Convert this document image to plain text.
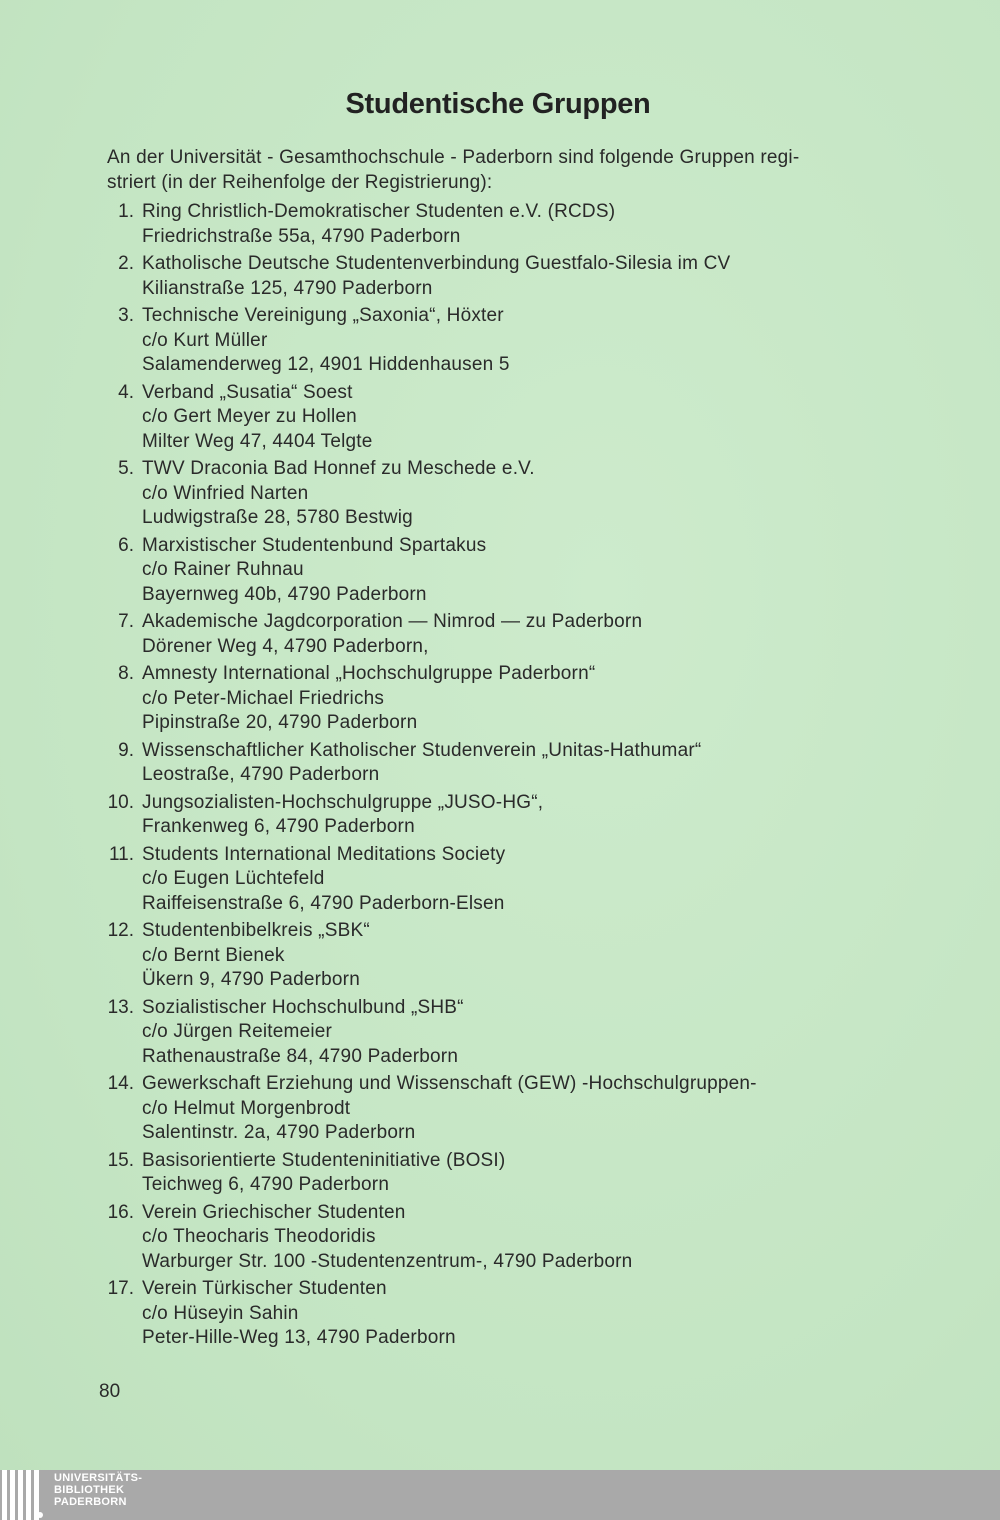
Studentische Gruppen
An der Universität - Gesamthochschule - Paderborn sind folgende Gruppen regi-
striert (in der Reihenfolge der Registrierung):
1. Ring Christlich-Demokratischer Studenten e.V. (RCDS)
Friedrichstraße 55a, 4790 Paderborn
2. Katholische Deutsche Studentenverbindung Guestfalo-Silesia im CV
Kilianstraße 125, 4790 Paderborn
3. Technische Vereinigung „Saxonia“, Höxter
c/o Kurt Müller
Salamenderweg 12, 4901 Hiddenhausen 5
4. Verband „Susatia“ Soest
c/o Gert Meyer zu Hollen
Milter Weg 47, 4404 Telgte
5. TWV Draconia Bad Honnef zu Meschede e.V.
c/o Winfried Narten
Ludwigstraße 28, 5780 Bestwig
6. Marxistischer Studentenbund Spartakus
c/o Rainer Ruhnau
Bayernweg 40b, 4790 Paderborn
7. Akademische Jagdcorporation — Nimrod — zu Paderborn
Dörener Weg 4, 4790 Paderborn,
8. Amnesty International „Hochschulgruppe Paderborn“
c/o Peter-Michael Friedrichs
Pipinstraße 20, 4790 Paderborn
9. Wissenschaftlicher Katholischer Studenverein „Unitas-Hathumar“
Leostraße, 4790 Paderborn
10. Jungsozialisten-Hochschulgruppe „JUSO-HG“,
Frankenweg 6, 4790 Paderborn
11. Students International Meditations Society
c/o Eugen Lüchtefeld
Raiffeisenstraße 6, 4790 Paderborn-Elsen
12. Studentenbibelkreis „SBK“
c/o Bernt Bienek
Ükern 9, 4790 Paderborn
13. Sozialistischer Hochschulbund „SHB“
c/o Jürgen Reitemeier
Rathenaustraße 84, 4790 Paderborn
14. Gewerkschaft Erziehung und Wissenschaft (GEW) -Hochschulgruppen-
c/o Helmut Morgenbrodt
Salentinstr. 2a, 4790 Paderborn
15. Basisorientierte Studenteninitiative (BOSI)
Teichweg 6, 4790 Paderborn
16. Verein Griechischer Studenten
c/o Theocharis Theodoridis
Warburger Str. 100 -Studentenzentrum-, 4790 Paderborn
17. Verein Türkischer Studenten
c/o Hüseyin Sahin
Peter-Hille-Weg 13, 4790 Paderborn
80
UNIVERSITÄTS-
BIBLIOTHEK
PADERBORN
